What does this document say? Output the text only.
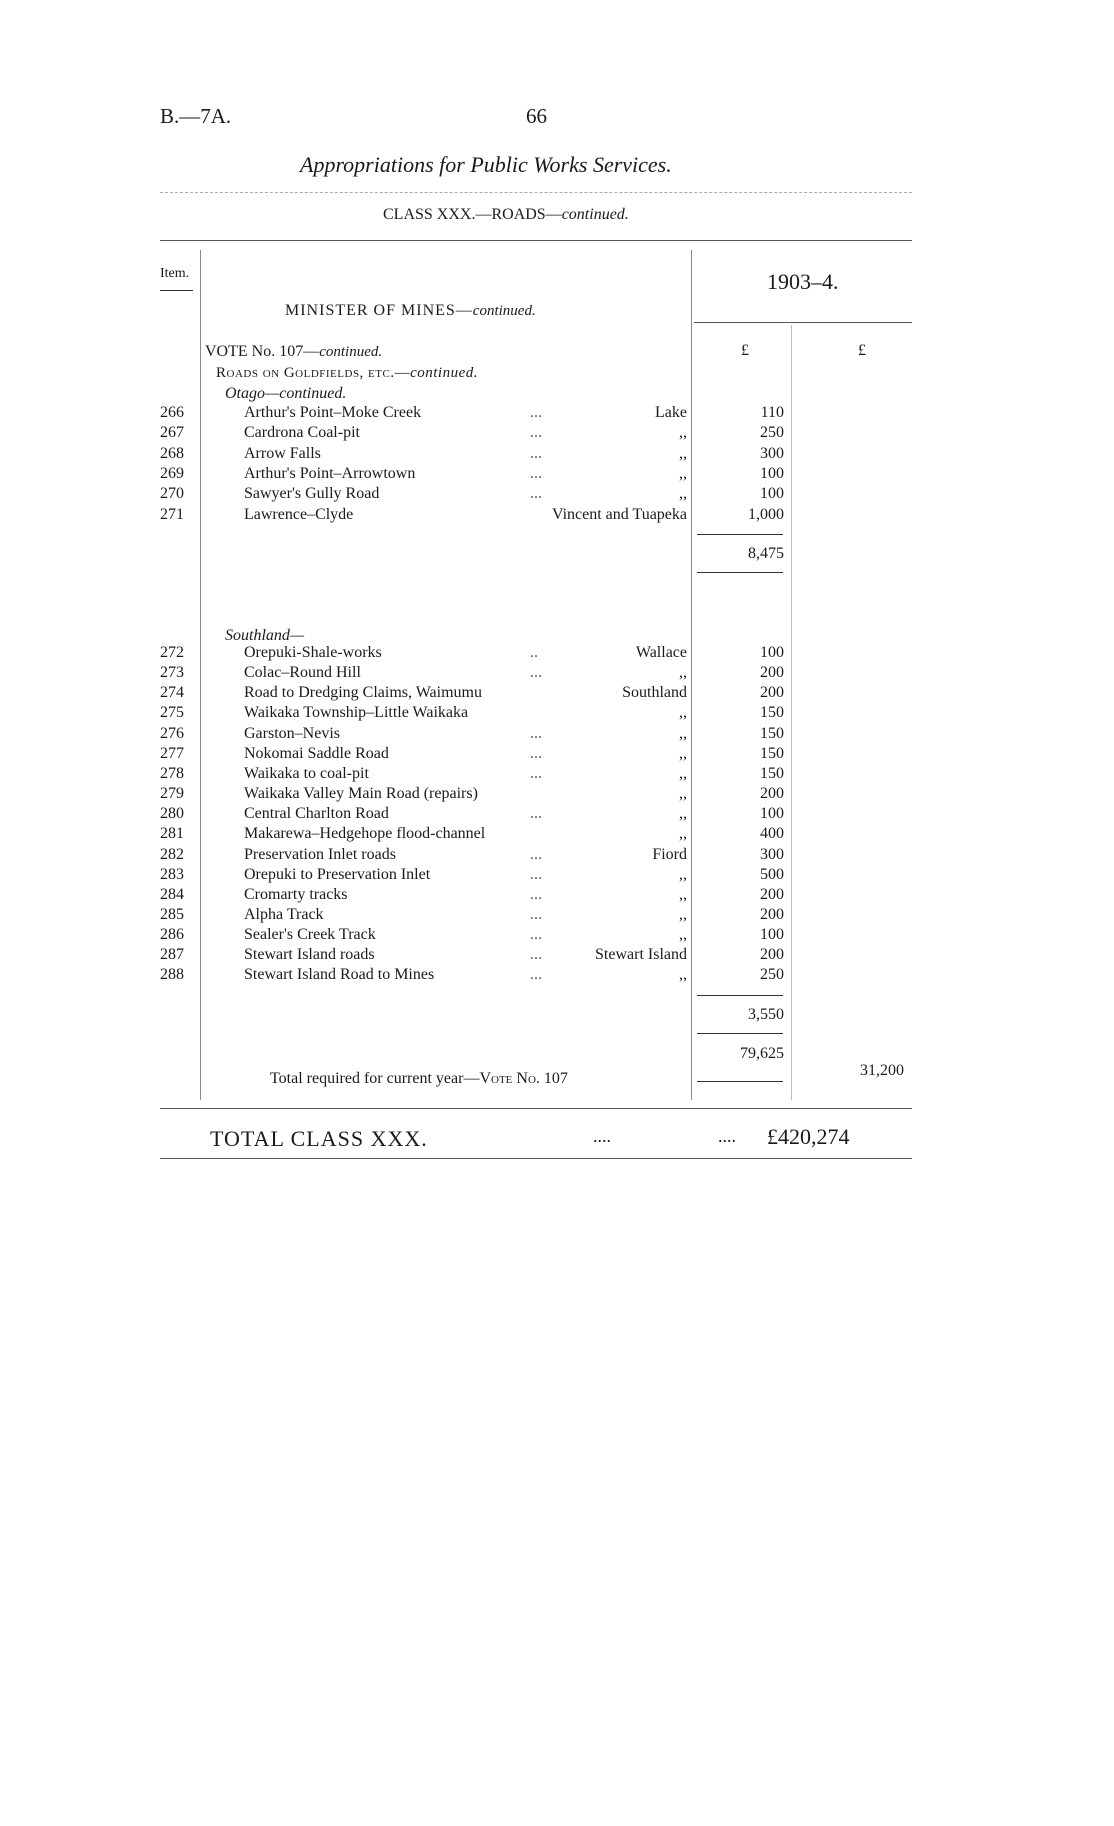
B.—7A.	66
Appropriations for Public Works Services.
CLASS XXX.—ROADS—continued.
Item.
MINISTER OF MINES—continued.
1903–4.
£	£
VOTE No. 107—continued.
Roads on Goldfields, etc.—continued.
Otago—continued.
266	Arthur's Point–Moke Creek	...	Lake	110
267	Cardrona Coal-pit	...	,,	250
268	Arrow Falls	...	,,	300
269	Arthur's Point–Arrowtown	...	,,	100
270	Sawyer's Gully Road	...	,,	100
271	Lawrence–Clyde	Vincent and Tuapeka	1,000
8,475
Southland—
272	Orepuki-Shale-works	..	Wallace	100
273	Colac–Round Hill	...	,,	200
274	Road to Dredging Claims, Waimumu	Southland	200
275	Waikaka Township–Little Waikaka	,,	150
276	Garston–Nevis	...	,,	150
277	Nokomai Saddle Road	...	,,	150
278	Waikaka to coal-pit	...	,,	150
279	Waikaka Valley Main Road (repairs)	,,	200
280	Central Charlton Road	...	,,	100
281	Makarewa–Hedgehope flood-channel	,,	400
282	Preservation Inlet roads	...	Fiord	300
283	Orepuki to Preservation Inlet	...	,,	500
284	Cromarty tracks	...	,,	200
285	Alpha Track	...	,,	200
286	Sealer's Creek Track	...	,,	100
287	Stewart Island roads	...	Stewart Island	200
288	Stewart Island Road to Mines	...	,,	250
3,550
79,625
Total required for current year—Vote No. 107	31,200
TOTAL CLASS XXX.	....	.... £420,274
